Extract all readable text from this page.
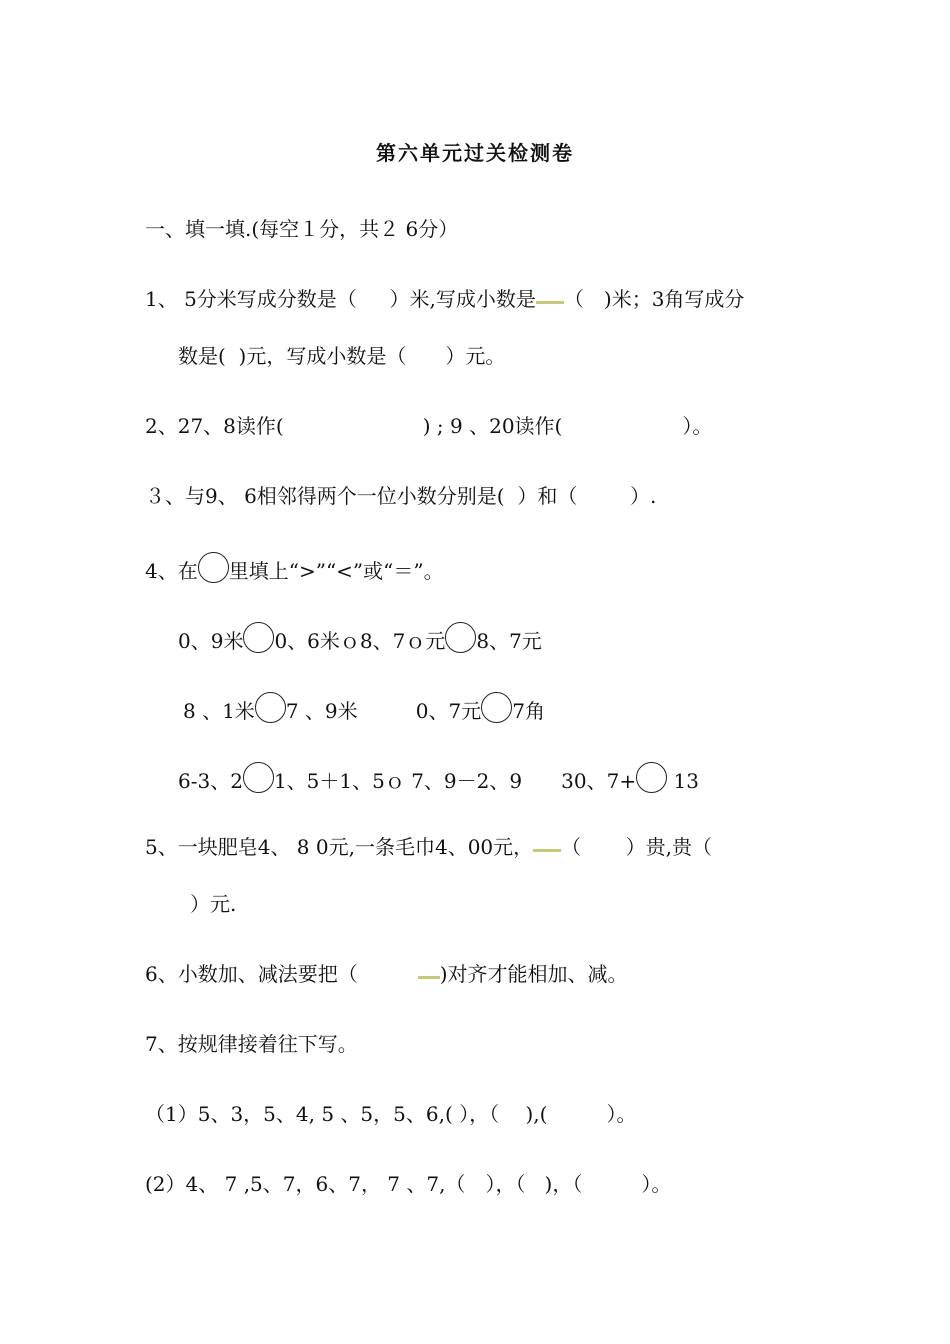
第六单元过关检测卷
一、填一填.(每空１分，共２ 6分）
1、 5分米写成分数是（　  ）米,写成小数是 （　)米；3角写成分
数是(  )元，写成小数是（　   ）元。
2、27、8读作(　　　　　 　  ) ; 9 、20读作(　　　　　　）。
３、与9、 6相邻得两个一位小数分别是(  ）和（　  　）.
4、在 里填上“>”“<”或“＝”。
0、9米 0、6米ｏ8、7ｏ元 8、7元
8 、1米 7 、9米 　     0、7元 7角
6-3、2 1、5＋1、5ｏ 7、9－2、9 　  30、7+ 13
5、一块肥皂4、 8 0元,一条毛巾4、00元， （       ）贵,贵（
）元.
6、小数加、减法要把（　　　)对齐才能相加、减。
7、按规律接着往下写。
（1）5、3，5、4, 5 、5，5、6,( ），（　 ),(　　   ）。
(2）4、 7 ,5、7，6、7， 7 、7,（　），（   )，（　　   ）。
